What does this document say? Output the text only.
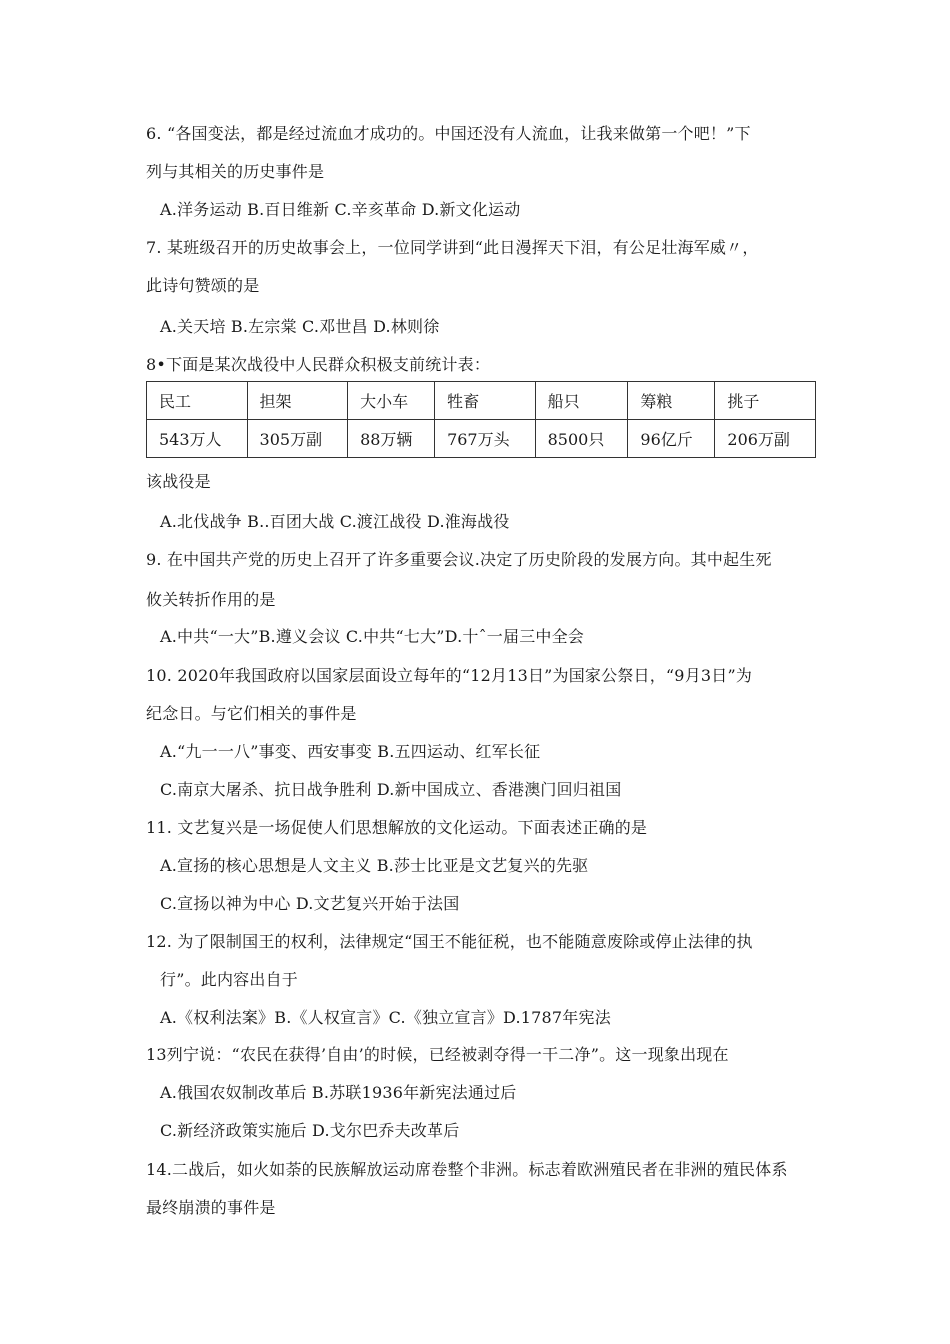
6. “各国变法，都是经过流血才成功的。中国还没有人流血，让我来做第一个吧！”下
列与其相关的历史事件是
A.洋务运动 B.百日维新 C.辛亥革命 D.新文化运动
7. 某班级召开的历史故事会上，一位同学讲到“此日漫挥天下泪，有公足壮海军威〃，
此诗句赞颂的是
A.关天培 B.左宗棠 C.邓世昌 D.林则徐
8•下面是某次战役中人民群众积极支前统计表：
民工	担架	大小车	牲畜	船只	筹粮	挑子
543万人	305万副	88万辆	767万头	8500只	96亿斤	206万副
该战役是
A.北伐战争 B..百团大战 C.渡江战役 D.淮海战役
9. 在中国共产党的历史上召开了许多重要会议.决定了历史阶段的发展方向。其中起生死
攸关转折作用的是
A.中共“一大”B.遵义会议 C.中共“七大”D.十ˆ一届三中全会
10. 2020年我国政府以国家层面设立每年的“12月13日”为国家公祭日，“9月3日”为
纪念日。与它们相关的事件是
A.“九一一八”事变、西安事变 B.五四运动、红军长征
C.南京大屠杀、抗日战争胜利 D.新中国成立、香港澳门回归祖国
11. 文艺复兴是一场促使人们思想解放的文化运动。下面表述正确的是
A.宣扬的核心思想是人文主义 B.莎士比亚是文艺复兴的先驱
C.宣扬以神为中心 D.文艺复兴开始于法国
12. 为了限制国王的权利，法律规定“国王不能征税，也不能随意废除或停止法律的执
行”。此内容出自于
A.《权利法案》B.《人权宣言》C.《独立宣言》D.1787年宪法
13列宁说：“农民在获得’自由’的时候，已经被剥夺得一干二净”。这一现象出现在
A.俄国农奴制改革后 B.苏联1936年新宪法通过后
C.新经济政策实施后 D.戈尔巴乔夫改革后
14.二战后，如火如荼的民族解放运动席卷整个非洲。标志着欧洲殖民者在非洲的殖民体系
最终崩溃的事件是
